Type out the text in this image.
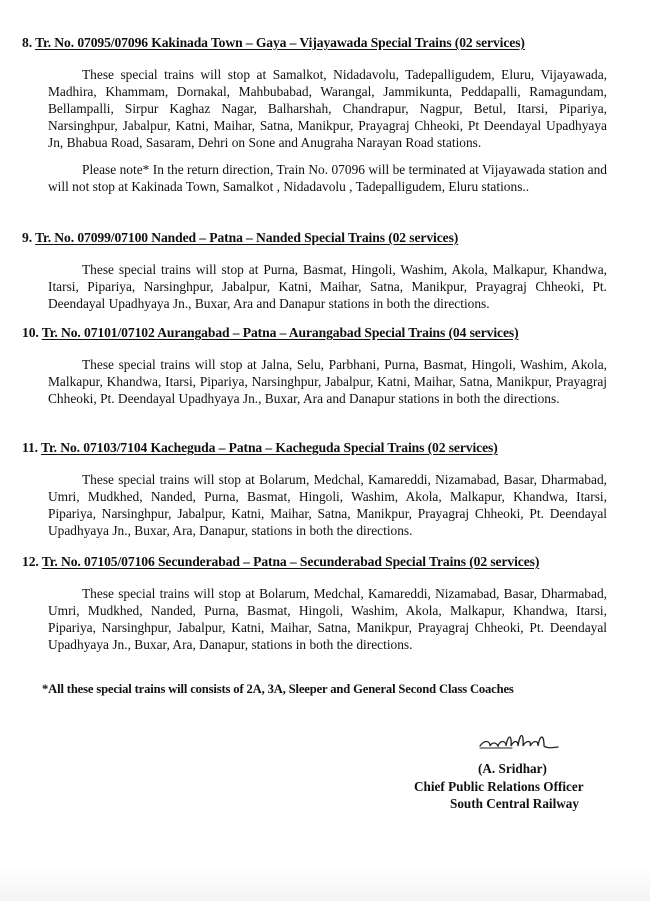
8. Tr. No. 07095/07096 Kakinada Town – Gaya – Vijayawada Special Trains (02 services)
These special trains will stop at Samalkot, Nidadavolu, Tadepalligudem, Eluru, Vijayawada, Madhira, Khammam, Dornakal, Mahbubabad, Warangal, Jammikunta, Peddapalli, Ramagundam, Bellampalli, Sirpur Kaghaz Nagar, Balharshah, Chandrapur, Nagpur, Betul, Itarsi, Pipariya, Narsinghpur, Jabalpur, Katni, Maihar, Satna, Manikpur, Prayagraj Chheoki, Pt Deendayal Upadhyaya Jn, Bhabua Road, Sasaram, Dehri on Sone and Anugraha Narayan Road stations.
Please note* In the return direction, Train No. 07096 will be terminated at Vijayawada station and will not stop at Kakinada Town, Samalkot , Nidadavolu , Tadepalligudem, Eluru stations..
9. Tr. No. 07099/07100 Nanded – Patna – Nanded Special Trains (02 services)
These special trains will stop at Purna, Basmat, Hingoli, Washim, Akola, Malkapur, Khandwa, Itarsi, Pipariya, Narsinghpur, Jabalpur, Katni, Maihar, Satna, Manikpur, Prayagraj Chheoki, Pt. Deendayal Upadhyaya Jn., Buxar, Ara and Danapur stations in both the directions.
10. Tr. No. 07101/07102 Aurangabad – Patna – Aurangabad Special Trains (04 services)
These special trains will stop at Jalna, Selu, Parbhani, Purna, Basmat, Hingoli, Washim, Akola, Malkapur, Khandwa, Itarsi, Pipariya, Narsinghpur, Jabalpur, Katni, Maihar, Satna, Manikpur, Prayagraj Chheoki, Pt. Deendayal Upadhyaya Jn., Buxar, Ara and Danapur stations in both the directions.
11. Tr. No. 07103/7104 Kacheguda – Patna – Kacheguda Special Trains (02 services)
These special trains will stop at Bolarum, Medchal, Kamareddi, Nizamabad, Basar, Dharmabad, Umri, Mudkhed, Nanded, Purna, Basmat, Hingoli, Washim, Akola, Malkapur, Khandwa, Itarsi, Pipariya, Narsinghpur, Jabalpur, Katni, Maihar, Satna, Manikpur, Prayagraj Chheoki, Pt. Deendayal Upadhyaya Jn., Buxar, Ara, Danapur, stations in both the directions.
12. Tr. No. 07105/07106 Secunderabad – Patna – Secunderabad Special Trains (02 services)
These special trains will stop at Bolarum, Medchal, Kamareddi, Nizamabad, Basar, Dharmabad, Umri, Mudkhed, Nanded, Purna, Basmat, Hingoli, Washim, Akola, Malkapur, Khandwa, Itarsi, Pipariya, Narsinghpur, Jabalpur, Katni, Maihar, Satna, Manikpur, Prayagraj Chheoki, Pt. Deendayal Upadhyaya Jn., Buxar, Ara, Danapur, stations in both the directions.
*All these special trains will consists of 2A, 3A, Sleeper and General Second Class Coaches
(A. Sridhar)
Chief Public Relations Officer
South Central Railway
